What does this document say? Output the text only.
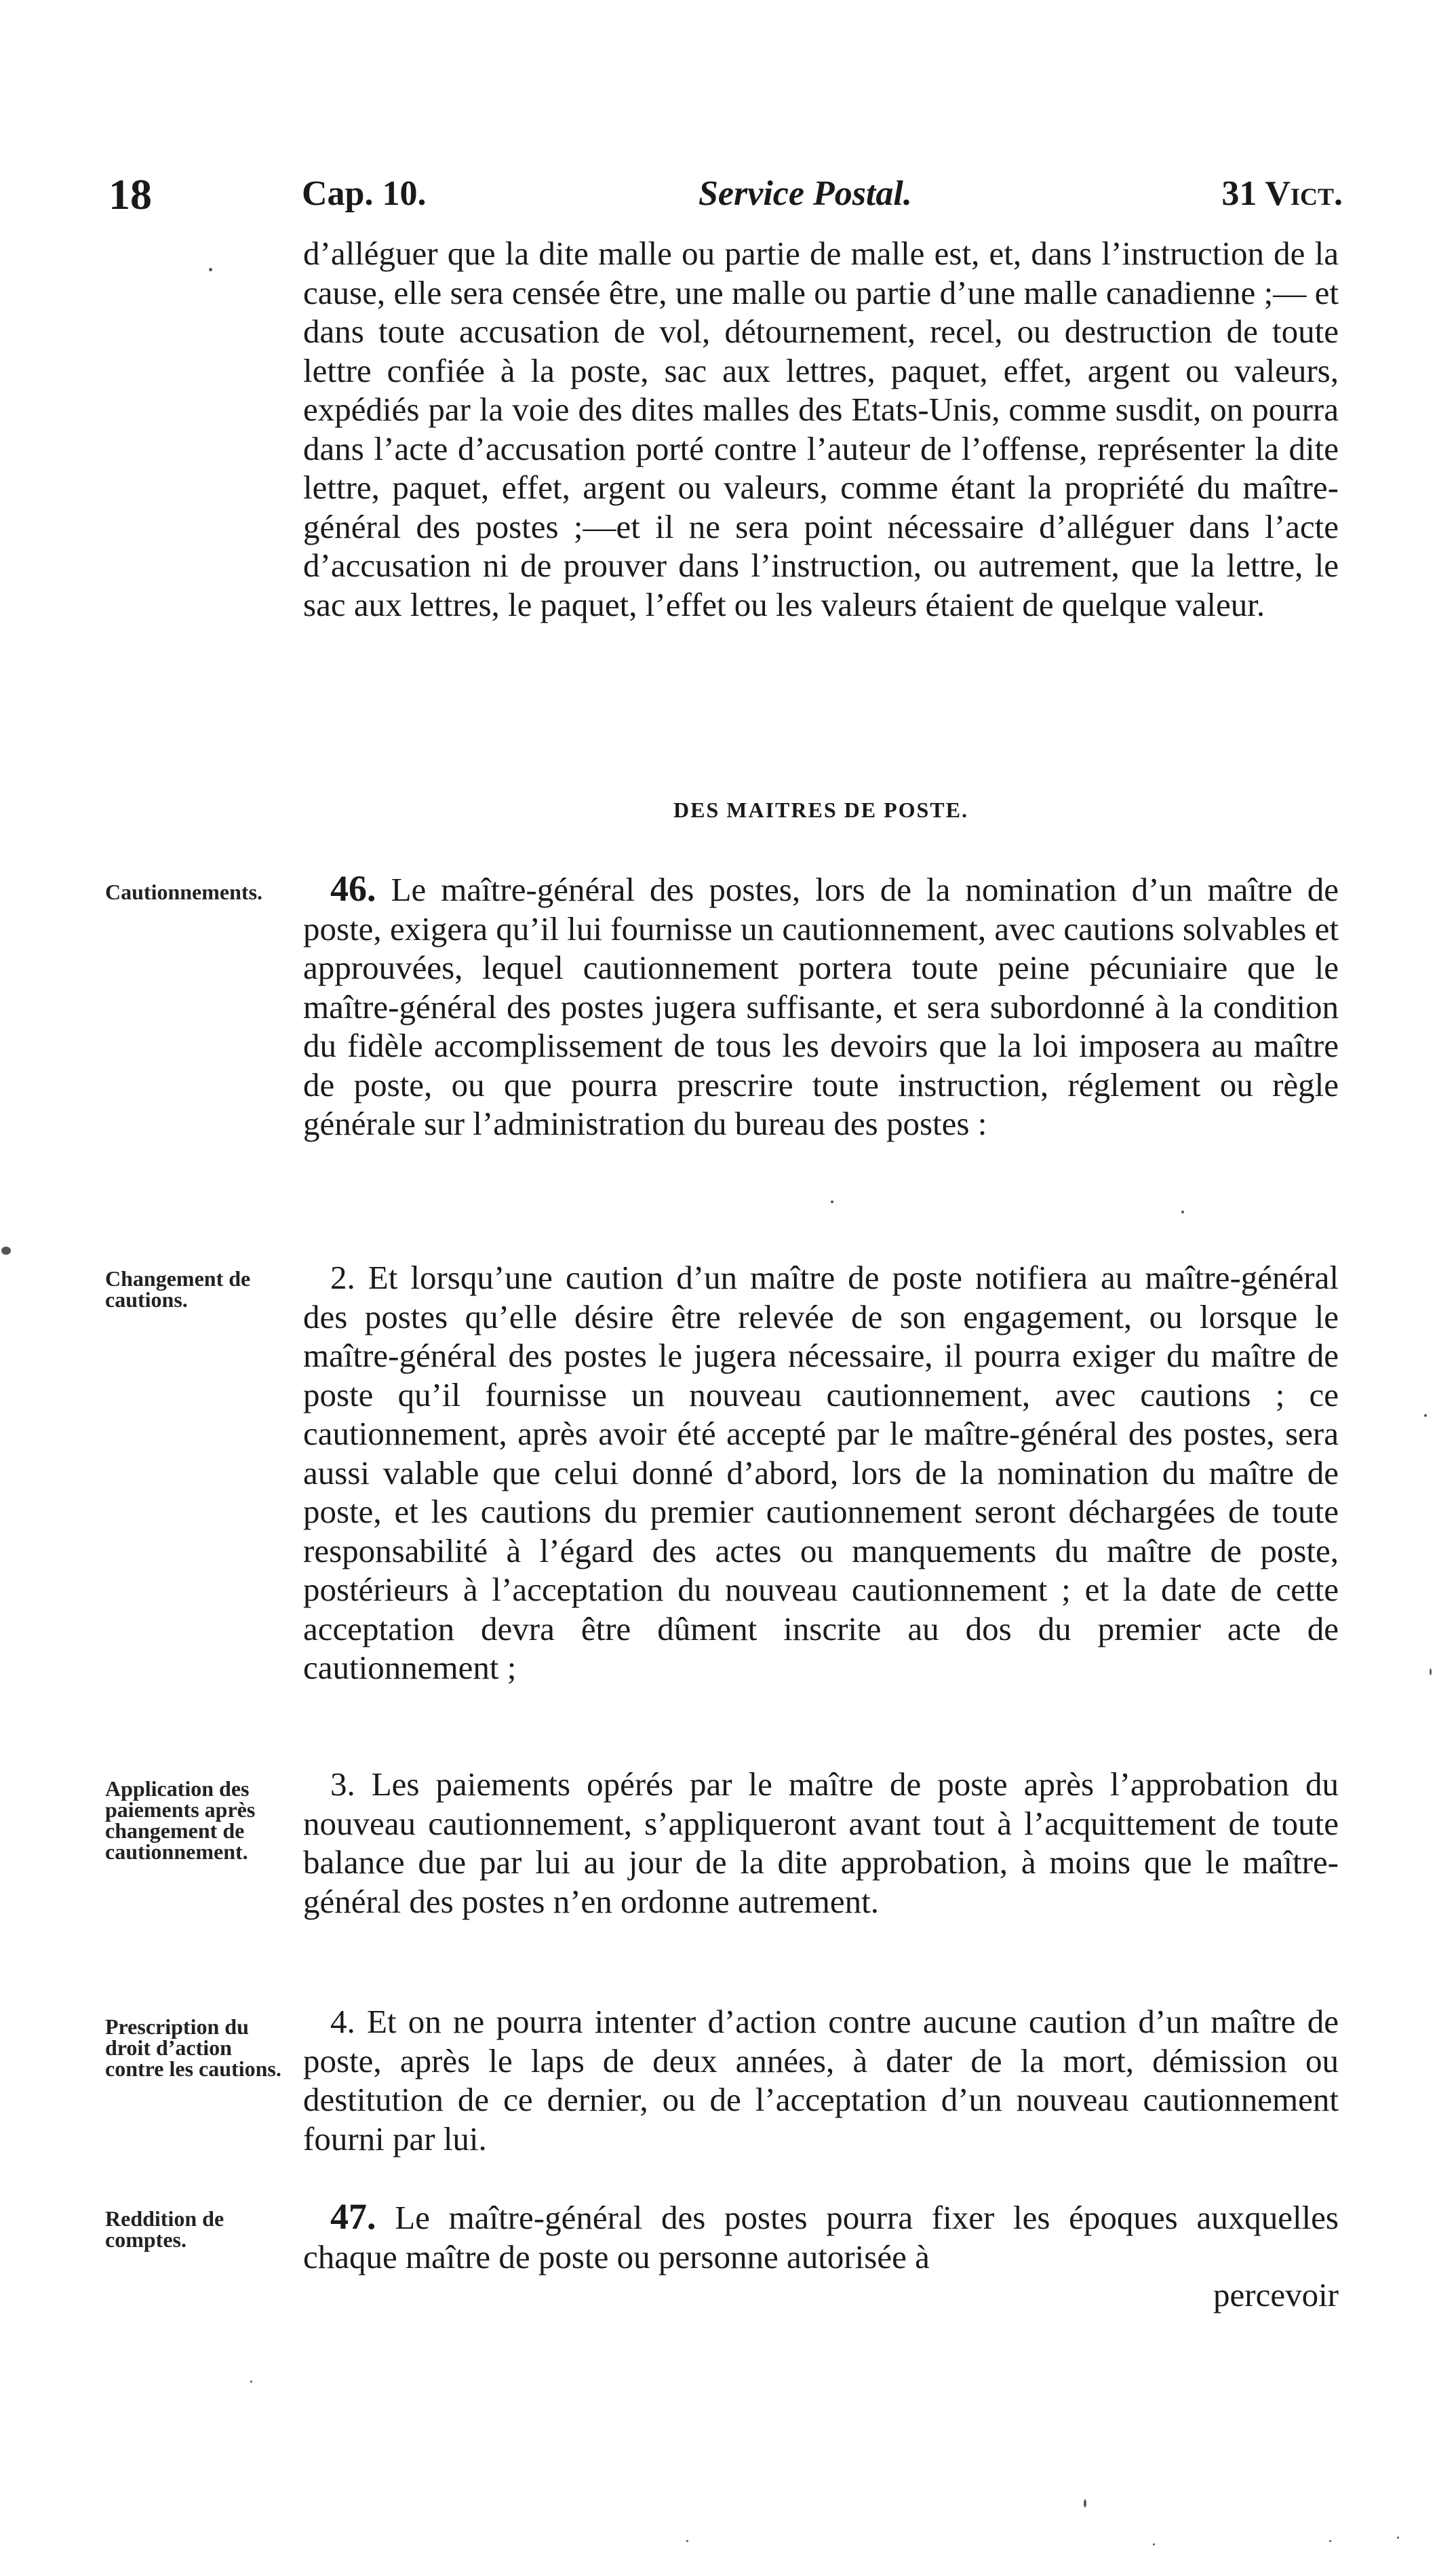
18	Cap. 10.	Service Postal.	31 Vict.

d’alléguer que la dite malle ou partie de malle est, et, dans l’instruction de la cause, elle sera censée être, une malle ou partie d’une malle canadienne ;— et dans toute accusation de vol, détournement, recel, ou destruction de toute lettre confiée à la poste, sac aux lettres, paquet, effet, argent ou valeurs, expédiés par la voie des dites malles des Etats-Unis, comme susdit, on pourra dans l’acte d’accusation porté contre l’auteur de l’offense, représenter la dite lettre, paquet, effet, argent ou valeurs, comme étant la propriété du maître-général des postes ;—et il ne sera point nécessaire d’alléguer dans l’acte d’accusation ni de prouver dans l’instruction, ou autrement, que la lettre, le sac aux lettres, le paquet, l’effet ou les valeurs étaient de quelque valeur.

DES MAITRES DE POSTE.
Cautionnements.	46. Le maître-général des postes, lors de la nomination d’un maître de poste, exigera qu’il lui fournisse un cautionnement, avec cautions solvables et approuvées, lequel cautionnement portera toute peine pécuniaire que le maître-général des postes jugera suffisante, et sera subordonné à la condition du fidèle accomplissement de tous les devoirs que la loi imposera au maître de poste, ou que pourra prescrire toute instruction, réglement ou règle générale sur l’administration du bureau des postes :

Changement de cautions.

2. Et lorsqu’une caution d’un maître de poste notifiera au maître-général des postes qu’elle désire être relevée de son engagement, ou lorsque le maître-général des postes le jugera nécessaire, il pourra exiger du maître de poste qu’il fournisse un nouveau cautionnement, avec cautions ; ce cautionnement, après avoir été accepté par le maître-général des postes, sera aussi valable que celui donné d’abord, lors de la nomination du maître de poste, et les cautions du premier cautionnement seront déchargées de toute responsabilité à l’égard des actes ou manquements du maître de poste, postérieurs à l’acceptation du nouveau cautionnement ; et la date de cette acceptation devra être dûment inscrite au dos du premier acte de cautionnement ;

Application des paiements après changement de cautionnement.

3. Les paiements opérés par le maître de poste après l’approbation du nouveau cautionnement, s’appliqueront avant tout à l’acquittement de toute balance due par lui au jour de la dite approbation, à moins que le maître-général des postes n’en ordonne autrement.

Prescription du droit d’action contre les cautions.

4. Et on ne pourra intenter d’action contre aucune caution d’un maître de poste, après le laps de deux années, à dater de la mort, démission ou destitution de ce dernier, ou de l’acceptation d’un nouveau cautionnement fourni par lui.

Reddition de comptes.

47. Le maître-général des postes pourra fixer les époques auxquelles chaque maître de poste ou personne autorisée à

percevoir
